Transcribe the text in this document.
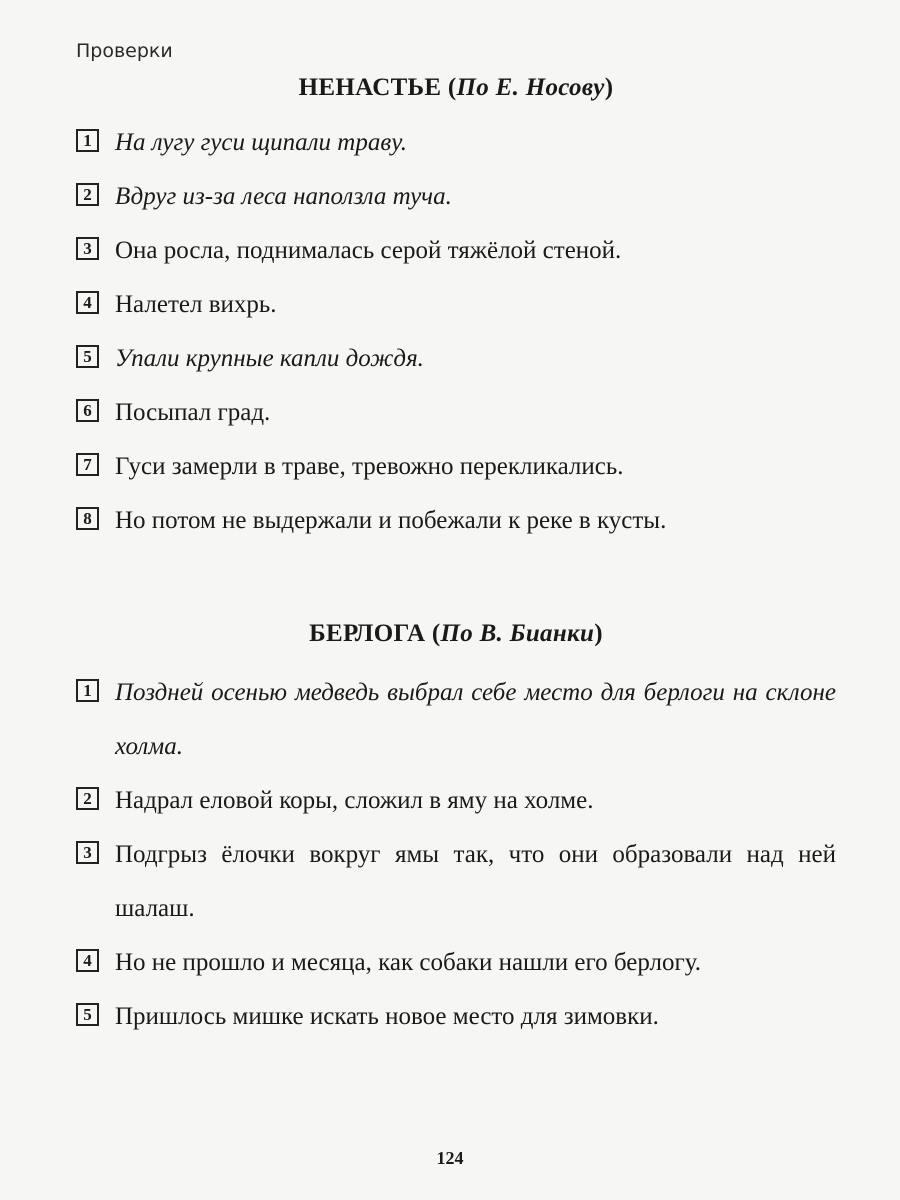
Проверки
НЕНАСТЬЕ (По Е. Носову)
1 На лугу гуси щипали траву.
2 Вдруг из-за леса наползла туча.
3 Она росла, поднималась серой тяжёлой стеной.
4 Налетел вихрь.
5 Упали крупные капли дождя.
6 Посыпал град.
7 Гуси замерли в траве, тревожно перекликались.
8 Но потом не выдержали и побежали к реке в кусты.
БЕРЛОГА (По В. Бианки)
1 Поздней осенью медведь выбрал себе место для берлоги на склоне холма.
2 Надрал еловой коры, сложил в яму на холме.
3 Подгрыз ёлочки вокруг ямы так, что они образовали над ней шалаш.
4 Но не прошло и месяца, как собаки нашли его берлогу.
5 Пришлось мишке искать новое место для зимовки.
124
